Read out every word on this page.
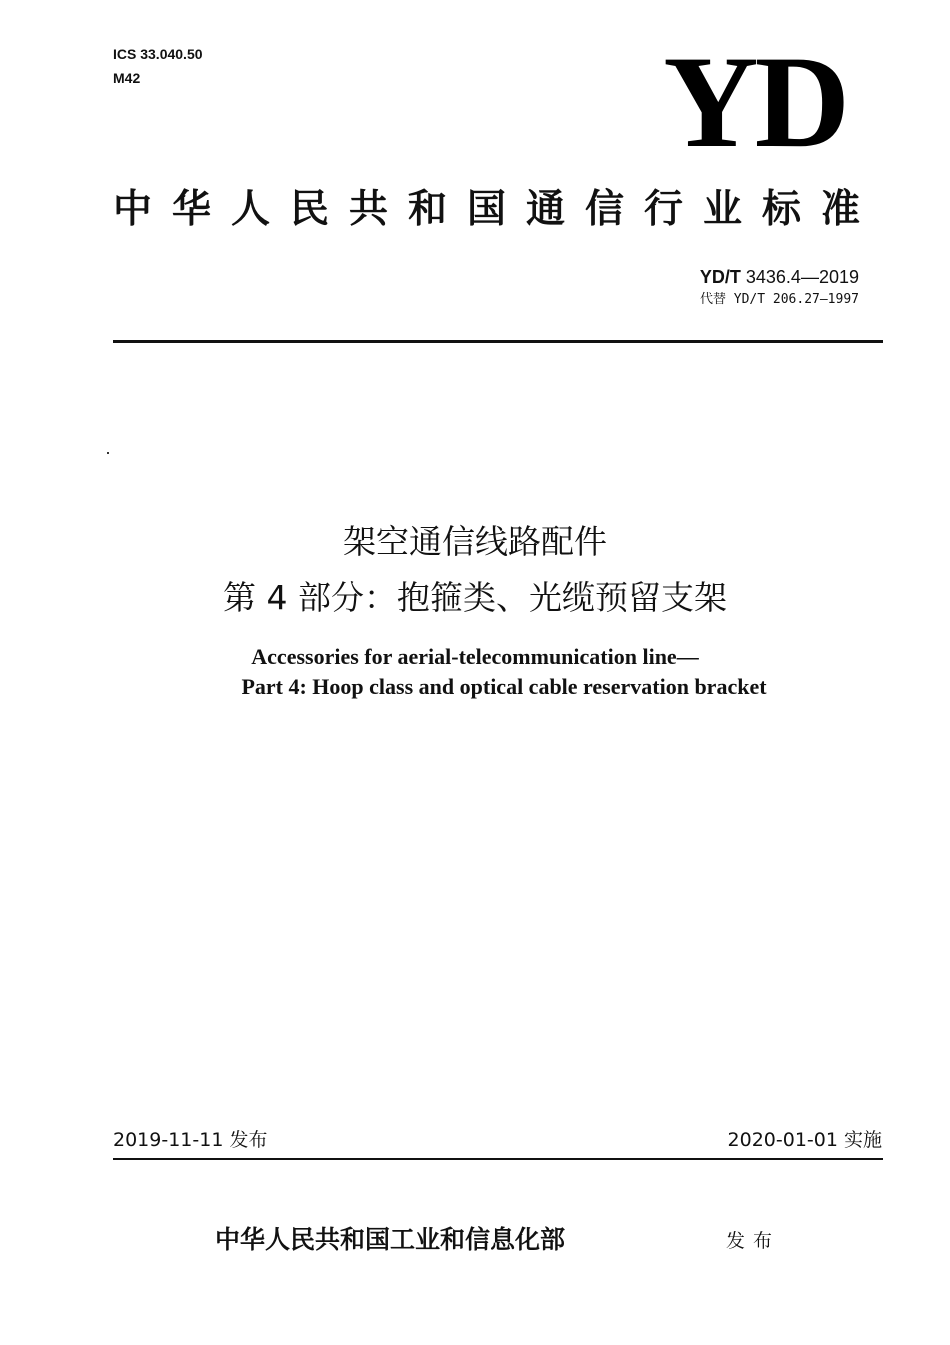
ICS 33.040.50
M42	YD
中华人民共和国通信行业标准
YD/T 3436.4—2019
代替 YD/T 206.27—1997
架空通信线路配件
第 4 部分：抱箍类、光缆预留支架
Accessories for aerial-telecommunication line—
Part 4: Hoop class and optical cable reservation bracket
2019-11-11 发布	2020-01-01 实施
中华人民共和国工业和信息化部	发布
